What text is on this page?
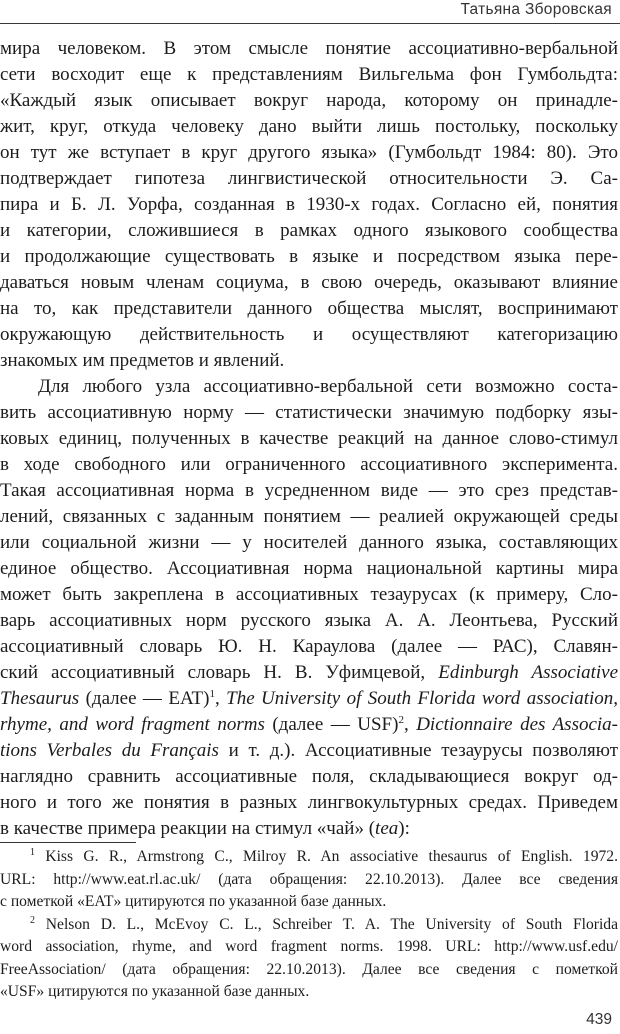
Татьяна Зборовская

мира человеком. В этом смысле понятие ассоциативно-вербальной
сети восходит еще к представлениям Вильгельма фон Гумбольдта:
«Каждый язык описывает вокруг народа, которому он принадле-
жит, круг, откуда человеку дано выйти лишь постольку, поскольку
он тут же вступает в круг другого языка» (Гумбольдт 1984: 80). Это
подтверждает гипотеза лингвистической относительности Э. Са-
пира и Б. Л. Уорфа, созданная в 1930-х годах. Согласно ей, понятия
и категории, сложившиеся в рамках одного языкового сообщества
и продолжающие существовать в языке и посредством языка пере-
даваться новым членам социума, в свою очередь, оказывают влияние
на то, как представители данного общества мыслят, воспринимают
окружающую действительность и осуществляют категоризацию
знакомых им предметов и явлений.

Для любого узла ассоциативно-вербальной сети возможно соста-
вить ассоциативную норму — статистически значимую подборку язы-
ковых единиц, полученных в качестве реакций на данное слово-стимул
в ходе свободного или ограниченного ассоциативного эксперимента.
Такая ассоциативная норма в усредненном виде — это срез представ-
лений, связанных с заданным понятием — реалией окружающей среды
или социальной жизни — у носителей данного языка, составляющих
единое общество. Ассоциативная норма национальной картины мира
может быть закреплена в ассоциативных тезаурусах (к примеру, Сло-
варь ассоциативных норм русского языка А. А. Леонтьева, Русский
ассоциативный словарь Ю. Н. Караулова (далее — РАС), Славян-
ский ассоциативный словарь Н. В. Уфимцевой, Edinburgh Associative
Thesaurus (далее — EAT)$^1$, The University of South Florida word association,
rhyme, and word fragment norms (далее — USF)$^2$, Dictionnaire des Associa-
tions Verbales du Français и т. д.). Ассоциативные тезаурусы позволяют
наглядно сравнить ассоциативные поля, складывающиеся вокруг од-
ного и того же понятия в разных лингвокультурных средах. Приведем
в качестве примера реакции на стимул «чай» (tea):

$^1$ Kiss G. R., Armstrong C., Milroy R. An associative thesaurus of English. 1972.
URL: http://www.eat.rl.ac.uk/ (дата обращения: 22.10.2013). Далее все сведения
с пометкой «EAT» цитируются по указанной базе данных.

$^2$ Nelson D. L., McEvoy C. L., Schreiber T. A. The University of South Florida
word association, rhyme, and word fragment norms. 1998. URL: http://www.usf.edu/
FreeAssociation/ (дата обращения: 22.10.2013). Далее все сведения с пометкой
«USF» цитируются по указанной базе данных.

439
